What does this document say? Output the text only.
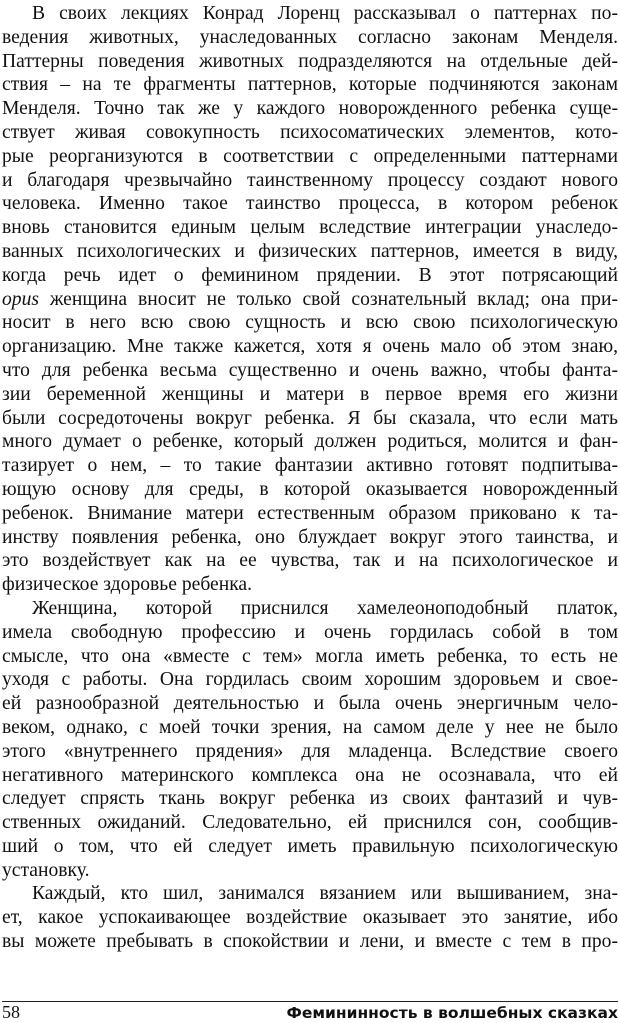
В своих лекциях Конрад Лоренц рассказывал о паттернах по-
ведения животных, унаследованных согласно законам Менделя.
Паттерны поведения животных подразделяются на отдельные дей-
ствия – на те фрагменты паттернов, которые подчиняются законам
Менделя. Точно так же у каждого новорожденного ребенка суще-
ствует живая совокупность психосоматических элементов, кото-
рые реорганизуются в соответствии с определенными паттернами
и благодаря чрезвычайно таинственному процессу создают нового
человека. Именно такое таинство процесса, в котором ребенок
вновь становится единым целым вследствие интеграции унаследо-
ванных психологических и физических паттернов, имеется в виду,
когда речь идет о феминином прядении. В этот потрясающий
opus женщина вносит не только свой сознательный вклад; она при-
носит в него всю свою сущность и всю свою психологическую
организацию. Мне также кажется, хотя я очень мало об этом знаю,
что для ребенка весьма существенно и очень важно, чтобы фанта-
зии беременной женщины и матери в первое время его жизни
были сосредоточены вокруг ребенка. Я бы сказала, что если мать
много думает о ребенке, который должен родиться, молится и фан-
тазирует о нем, – то такие фантазии активно готовят подпитыва-
ющую основу для среды, в которой оказывается новорожденный
ребенок. Внимание матери естественным образом приковано к та-
инству появления ребенка, оно блуждает вокруг этого таинства, и
это воздействует как на ее чувства, так и на психологическое и
физическое здоровье ребенка.

Женщина, которой приснился хамелеоноподобный платок,
имела свободную профессию и очень гордилась собой в том
смысле, что она «вместе с тем» могла иметь ребенка, то есть не
уходя с работы. Она гордилась своим хорошим здоровьем и свое-
ей разнообразной деятельностью и была очень энергичным чело-
веком, однако, с моей точки зрения, на самом деле у нее не было
этого «внутреннего прядения» для младенца. Вследствие своего
негативного материнского комплекса она не осознавала, что ей
следует спрясть ткань вокруг ребенка из своих фантазий и чув-
ственных ожиданий. Следовательно, ей приснился сон, сообщив-
ший о том, что ей следует иметь правильную психологическую
установку.

Каждый, кто шил, занимался вязанием или вышиванием, зна-
ет, какое успокаивающее воздействие оказывает это занятие, ибо
вы можете пребывать в спокойствии и лени, и вместе с тем в про-

58	Фемининность в волшебных сказках
